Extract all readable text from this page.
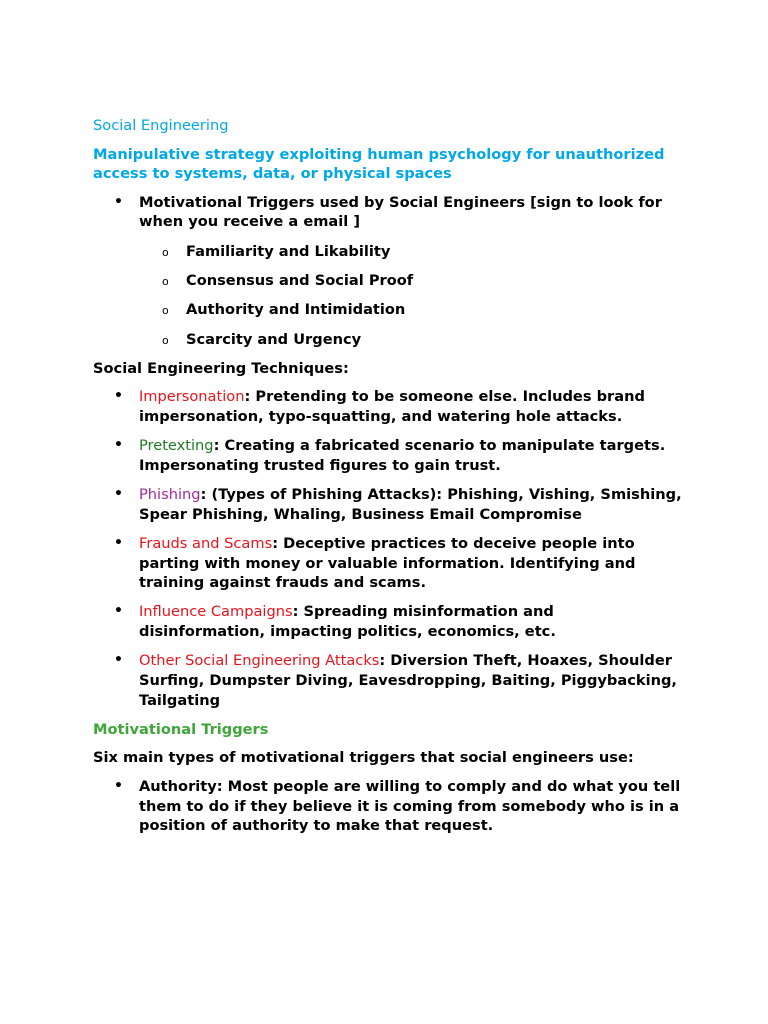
Social Engineering
Manipulative strategy exploiting human psychology for unauthorized access to systems, data, or physical spaces
• Motivational Triggers used by Social Engineers [sign to look for when you receive a email ]
o Familiarity and Likability
o Consensus and Social Proof
o Authority and Intimidation
o Scarcity and Urgency
Social Engineering Techniques:
• Impersonation: Pretending to be someone else. Includes brand impersonation, typo-squatting, and watering hole attacks.
• Pretexting: Creating a fabricated scenario to manipulate targets. Impersonating trusted figures to gain trust.
• Phishing: (Types of Phishing Attacks): Phishing, Vishing, Smishing, Spear Phishing, Whaling, Business Email Compromise
• Frauds and Scams: Deceptive practices to deceive people into parting with money or valuable information. Identifying and training against frauds and scams.
• Influence Campaigns: Spreading misinformation and disinformation, impacting politics, economics, etc.
• Other Social Engineering Attacks: Diversion Theft, Hoaxes, Shoulder Surfing, Dumpster Diving, Eavesdropping, Baiting, Piggybacking, Tailgating
Motivational Triggers
Six main types of motivational triggers that social engineers use:
• Authority: Most people are willing to comply and do what you tell them to do if they believe it is coming from somebody who is in a position of authority to make that request.
